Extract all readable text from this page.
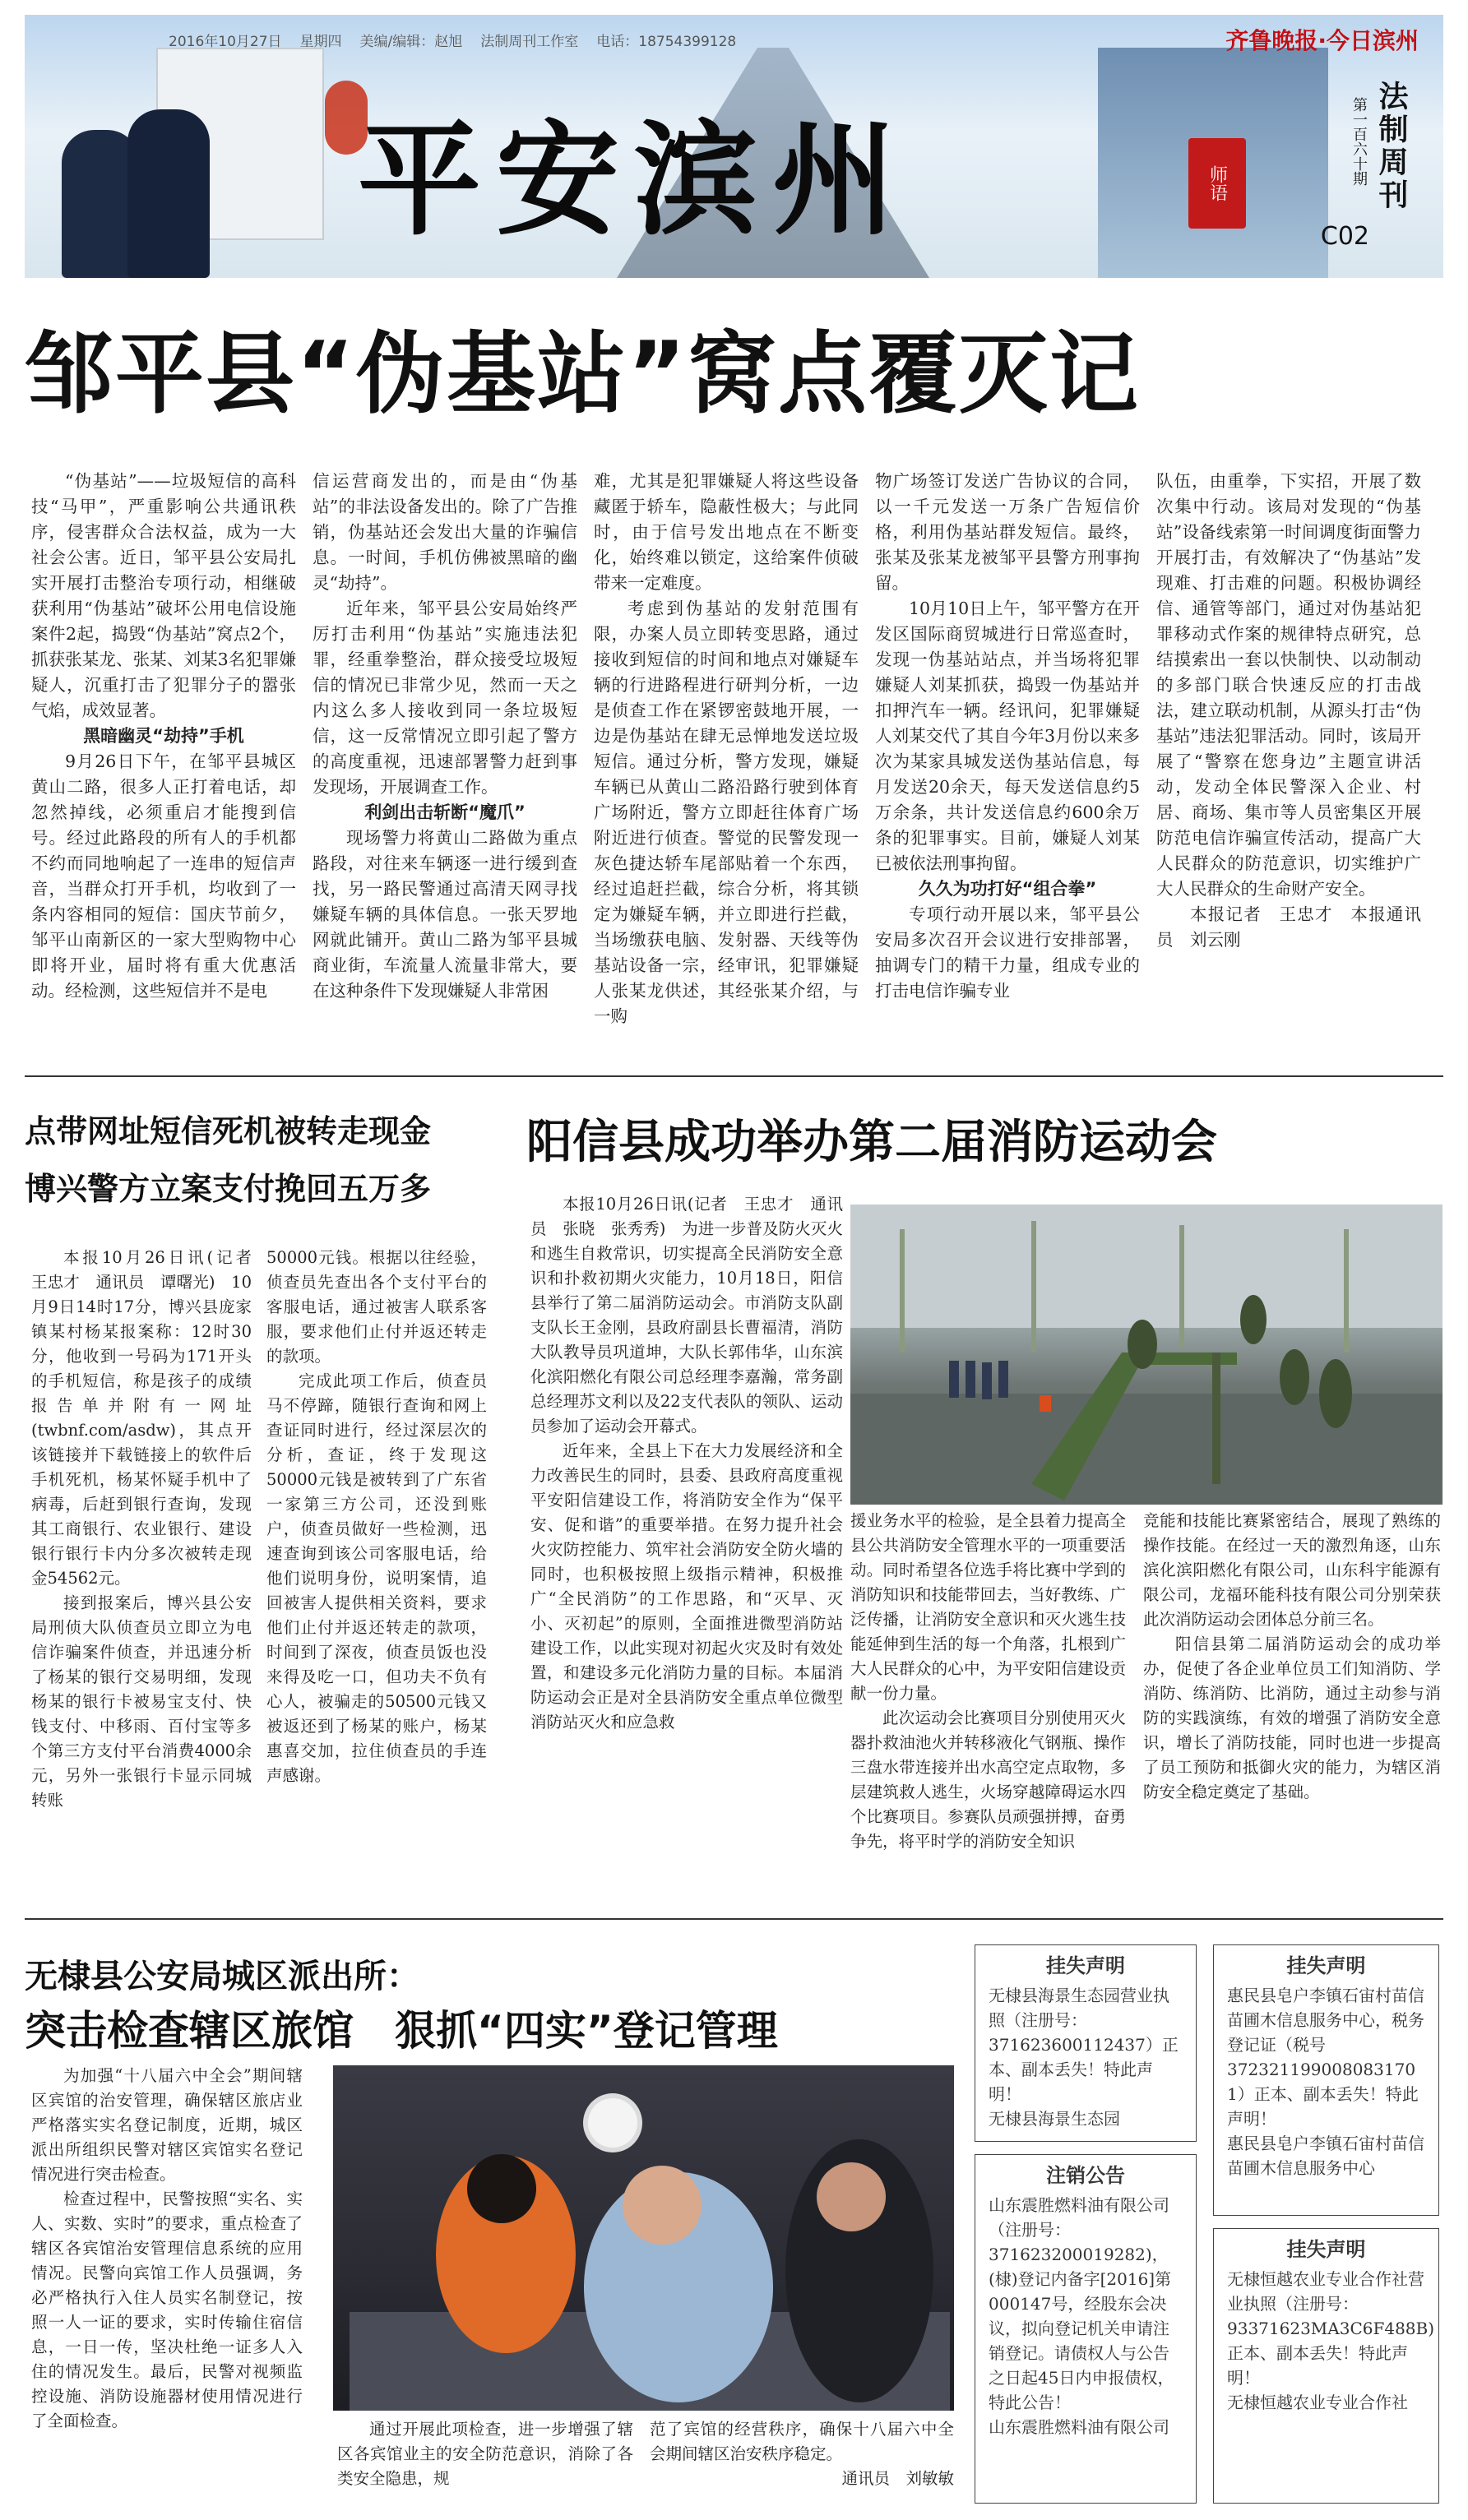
2016年10月27日 星期四 美编/编辑：赵旭 法制周刊工作室 电话：18754399128
平安滨州	师语
齐鲁晚报·今日滨州
法制周刊
第一百六十期
C02
邹平县“伪基站”窝点覆灭记

“伪基站”——垃圾短信的高科技“马甲”，严重影响公共通讯秩序，侵害群众合法权益，成为一大社会公害。近日，邹平县公安局扎实开展打击整治专项行动，相继破获利用“伪基站”破坏公用电信设施案件2起，捣毁“伪基站”窝点2个，抓获张某龙、张某、刘某3名犯罪嫌疑人，沉重打击了犯罪分子的嚣张气焰，成效显著。

黑暗幽灵“劫持”手机

9月26日下午，在邹平县城区黄山二路，很多人正打着电话，却忽然掉线，必须重启才能搜到信号。经过此路段的所有人的手机都不约而同地响起了一连串的短信声音，当群众打开手机，均收到了一条内容相同的短信：国庆节前夕，邹平山南新区的一家大型购物中心即将开业，届时将有重大优惠活动。经检测，这些短信并不是电

信运营商发出的，而是由“伪基站”的非法设备发出的。除了广告推销，伪基站还会发出大量的诈骗信息。一时间，手机仿佛被黑暗的幽灵“劫持”。

近年来，邹平县公安局始终严厉打击利用“伪基站”实施违法犯罪，经重拳整治，群众接受垃圾短信的情况已非常少见，然而一天之内这么多人接收到同一条垃圾短信，这一反常情况立即引起了警方的高度重视，迅速部署警力赶到事发现场，开展调查工作。

利剑出击斩断“魔爪”

现场警力将黄山二路做为重点路段，对往来车辆逐一进行缓到查找，另一路民警通过高清天网寻找嫌疑车辆的具体信息。一张天罗地网就此铺开。黄山二路为邹平县城商业街，车流量人流量非常大，要在这种条件下发现嫌疑人非常困

难，尤其是犯罪嫌疑人将这些设备藏匿于轿车，隐蔽性极大；与此同时，由于信号发出地点在不断变化，始终难以锁定，这给案件侦破带来一定难度。

考虑到伪基站的发射范围有限，办案人员立即转变思路，通过接收到短信的时间和地点对嫌疑车辆的行进路程进行研判分析，一边是侦查工作在紧锣密鼓地开展，一边是伪基站在肆无忌惮地发送垃圾短信。通过分析，警方发现，嫌疑车辆已从黄山二路沿路行驶到体育广场附近，警方立即赶往体育广场附近进行侦查。警觉的民警发现一灰色捷达轿车尾部贴着一个东西，经过追赶拦截，综合分析，将其锁定为嫌疑车辆，并立即进行拦截，当场缴获电脑、发射器、天线等伪基站设备一宗，经审讯，犯罪嫌疑人张某龙供述，其经张某介绍，与一购

物广场签订发送广告协议的合同，以一千元发送一万条广告短信价格，利用伪基站群发短信。最终，张某及张某龙被邹平县警方刑事拘留。

10月10日上午，邹平警方在开发区国际商贸城进行日常巡查时，发现一伪基站站点，并当场将犯罪嫌疑人刘某抓获，捣毁一伪基站并扣押汽车一辆。经讯问，犯罪嫌疑人刘某交代了其自今年3月份以来多次为某家具城发送伪基站信息，每月发送20余天，每天发送信息约5万余条，共计发送信息约600余万条的犯罪事实。目前，嫌疑人刘某已被依法刑事拘留。

久久为功打好“组合拳”

专项行动开展以来，邹平县公安局多次召开会议进行安排部署，抽调专门的精干力量，组成专业的打击电信诈骗专业

队伍，由重拳，下实招，开展了数次集中行动。该局对发现的“伪基站”设备线索第一时间调度街面警力开展打击，有效解决了“伪基站”发现难、打击难的问题。积极协调经信、通管等部门，通过对伪基站犯罪移动式作案的规律特点研究，总结摸索出一套以快制快、以动制动的多部门联合快速反应的打击战法，建立联动机制，从源头打击“伪基站”违法犯罪活动。同时，该局开展了“警察在您身边”主题宣讲活动，发动全体民警深入企业、村居、商场、集市等人员密集区开展防范电信诈骗宣传活动，提高广大人民群众的防范意识，切实维护广大人民群众的生命财产安全。

本报记者　王忠才　本报通讯员　刘云刚

点带网址短信死机被转走现金
博兴警方立案支付挽回五万多

本报10月26日讯(记者　王忠才　通讯员　谭曙光)　10月9日14时17分，博兴县庞家镇某村杨某报案称：12时30分，他收到一号码为171开头的手机短信，称是孩子的成绩报告单并附有一网址(twbnf.com/asdw)，其点开该链接并下载链接上的软件后手机死机，杨某怀疑手机中了病毒，后赶到银行查询，发现其工商银行、农业银行、建设银行银行卡内分多次被转走现金54562元。

接到报案后，博兴县公安局刑侦大队侦查员立即立为电信诈骗案件侦查，并迅速分析了杨某的银行交易明细，发现杨某的银行卡被易宝支付、快钱支付、中移雨、百付宝等多个第三方支付平台消费4000余元，另外一张银行卡显示同城转账

50000元钱。根据以往经验，侦查员先查出各个支付平台的客服电话，通过被害人联系客服，要求他们止付并返还转走的款项。

完成此项工作后，侦查员马不停蹄，随银行查询和网上查证同时进行，经过深层次的分析，查证，终于发现这50000元钱是被转到了广东省一家第三方公司，还没到账户，侦查员做好一些检测，迅速查询到该公司客服电话，给他们说明身份，说明案情，追回被害人提供相关资料，要求他们止付并返还转走的款项，时间到了深夜，侦查员饭也没来得及吃一口，但功夫不负有心人，被骗走的50500元钱又被返还到了杨某的账户，杨某惠喜交加，拉住侦查员的手连声感谢。

阳信县成功举办第二届消防运动会

本报10月26日讯(记者　王忠才　通讯员　张晓　张秀秀)　为进一步普及防火灭火和逃生自救常识，切实提高全民消防安全意识和扑救初期火灾能力，10月18日，阳信县举行了第二届消防运动会。市消防支队副支队长王金刚，县政府副县长曹福清，消防大队教导员巩道坤，大队长郭伟华，山东滨化滨阳燃化有限公司总经理李嘉瀚，常务副总经理苏文利以及22支代表队的领队、运动员参加了运动会开幕式。

近年来，全县上下在大力发展经济和全力改善民生的同时，县委、县政府高度重视平安阳信建设工作，将消防安全作为“保平安、促和谐”的重要举措。在努力提升社会火灾防控能力、筑牢社会消防安全防火墙的同时，也积极按照上级指示精神，积极推广“全民消防”的工作思路，和“灭早、灭小、灭初起”的原则，全面推进微型消防站建设工作，以此实现对初起火灾及时有效处置，和建设多元化消防力量的目标。本届消防运动会正是对全县消防安全重点单位微型消防站灭火和应急救

援业务水平的检验，是全县着力提高全县公共消防安全管理水平的一项重要活动。同时希望各位选手将比赛中学到的消防知识和技能带回去，当好教练、广泛传播，让消防安全意识和灭火逃生技能延伸到生活的每一个角落，扎根到广大人民群众的心中，为平安阳信建设贡献一份力量。

此次运动会比赛项目分别使用灭火器扑救油池火并转移液化气钢瓶、操作三盘水带连接并出水高空定点取物，多层建筑救人逃生，火场穿越障碍运水四个比赛项目。参赛队员顽强拼搏，奋勇争先，将平时学的消防安全知识

竞能和技能比赛紧密结合，展现了熟练的操作技能。在经过一天的激烈角逐，山东滨化滨阳燃化有限公司，山东科宇能源有限公司，龙福环能科技有限公司分别荣获此次消防运动会团体总分前三名。

阳信县第二届消防运动会的成功举办，促使了各企业单位员工们知消防、学消防、练消防、比消防，通过主动参与消防的实践演练，有效的增强了消防安全意识，增长了消防技能，同时也进一步提高了员工预防和抵御火灾的能力，为辖区消防安全稳定奠定了基础。

无棣县公安局城区派出所：
突击检查辖区旅馆　狠抓“四实”登记管理

为加强“十八届六中全会”期间辖区宾馆的治安管理，确保辖区旅店业严格落实实名登记制度，近期，城区派出所组织民警对辖区宾馆实名登记情况进行突击检查。

检查过程中，民警按照“实名、实人、实数、实时”的要求，重点检查了辖区各宾馆治安管理信息系统的应用情况。民警向宾馆工作人员强调，务必严格执行入住人员实名制登记，按照一人一证的要求，实时传输住宿信息，一日一传，坚决杜绝一证多人入住的情况发生。最后，民警对视频监控设施、消防设施器材使用情况进行了全面检查。	通过开展此项检查，进一步增强了辖区各宾馆业主的安全防范意识，消除了各类安全隐患，规

范了宾馆的经营秩序，确保十八届六中全会期间辖区治安秩序稳定。

通讯员　刘敏敏

挂失声明

无棣县海景生态园营业执照（注册号：371623600112437）正本、副本丢失！特此声明！

无棣县海景生态园

挂失声明

惠民县皂户李镇石宙村苗信苗圃木信息服务中心，税务登记证（税号372321199008083170 1）正本、副本丢失！特此声明！

惠民县皂户李镇石宙村苗信苗圃木信息服务中心

注销公告

山东震胜燃料油有限公司（注册号：371623200019282)，(棣)登记内备字[2016]第000147号，经股东会决议，拟向登记机关申请注销登记。请债权人与公告之日起45日内申报债权，特此公告！

山东震胜燃料油有限公司

挂失声明

无棣恒越农业专业合作社营业执照（注册号：93371623MA3C6F488B)正本、副本丢失！特此声明！

无棣恒越农业专业合作社
